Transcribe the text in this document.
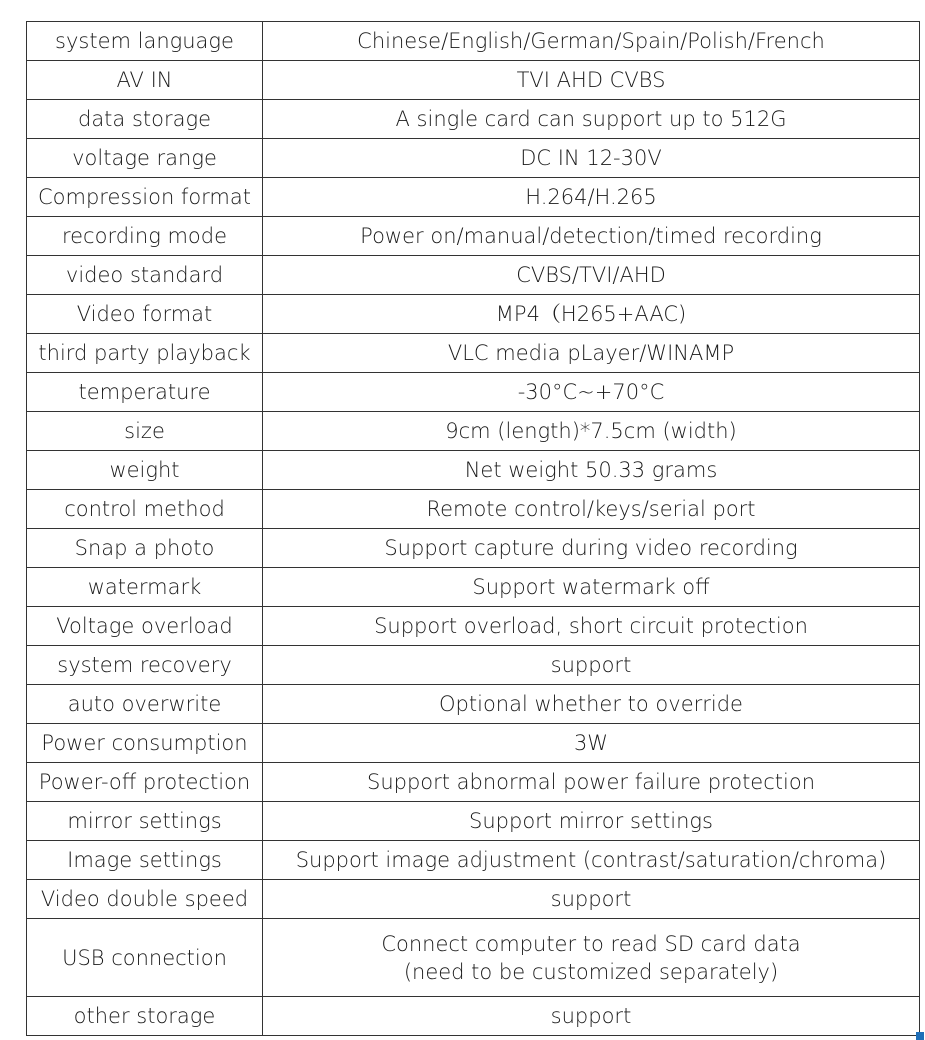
system language	Chinese/English/German/Spain/Polish/French
AV IN	TVI AHD CVBS
data storage	A single card can support up to 512G
voltage range	DC IN 12-30V
Compression format	H.264/H.265
recording mode	Power on/manual/detection/timed recording
video standard	CVBS/TVI/AHD
Video format	MP4（H265+AAC)
third party playback	VLC media pLayer/WINAMP
temperature	-30°C~+70°C
size	9cm (length)*7.5cm (width)
weight	Net weight 50.33 grams
control method	Remote control/keys/serial port
Snap a photo	Support capture during video recording
watermark	Support watermark off
Voltage overload	Support overload, short circuit protection
system recovery	support
auto overwrite	Optional whether to override
Power consumption	3W
Power-off protection	Support abnormal power failure protection
mirror settings	Support mirror settings
Image settings	Support image adjustment (contrast/saturation/chroma)
Video double speed	support
USB connection	Connect computer to read SD card data
(need to be customized separately)

other storage	support
